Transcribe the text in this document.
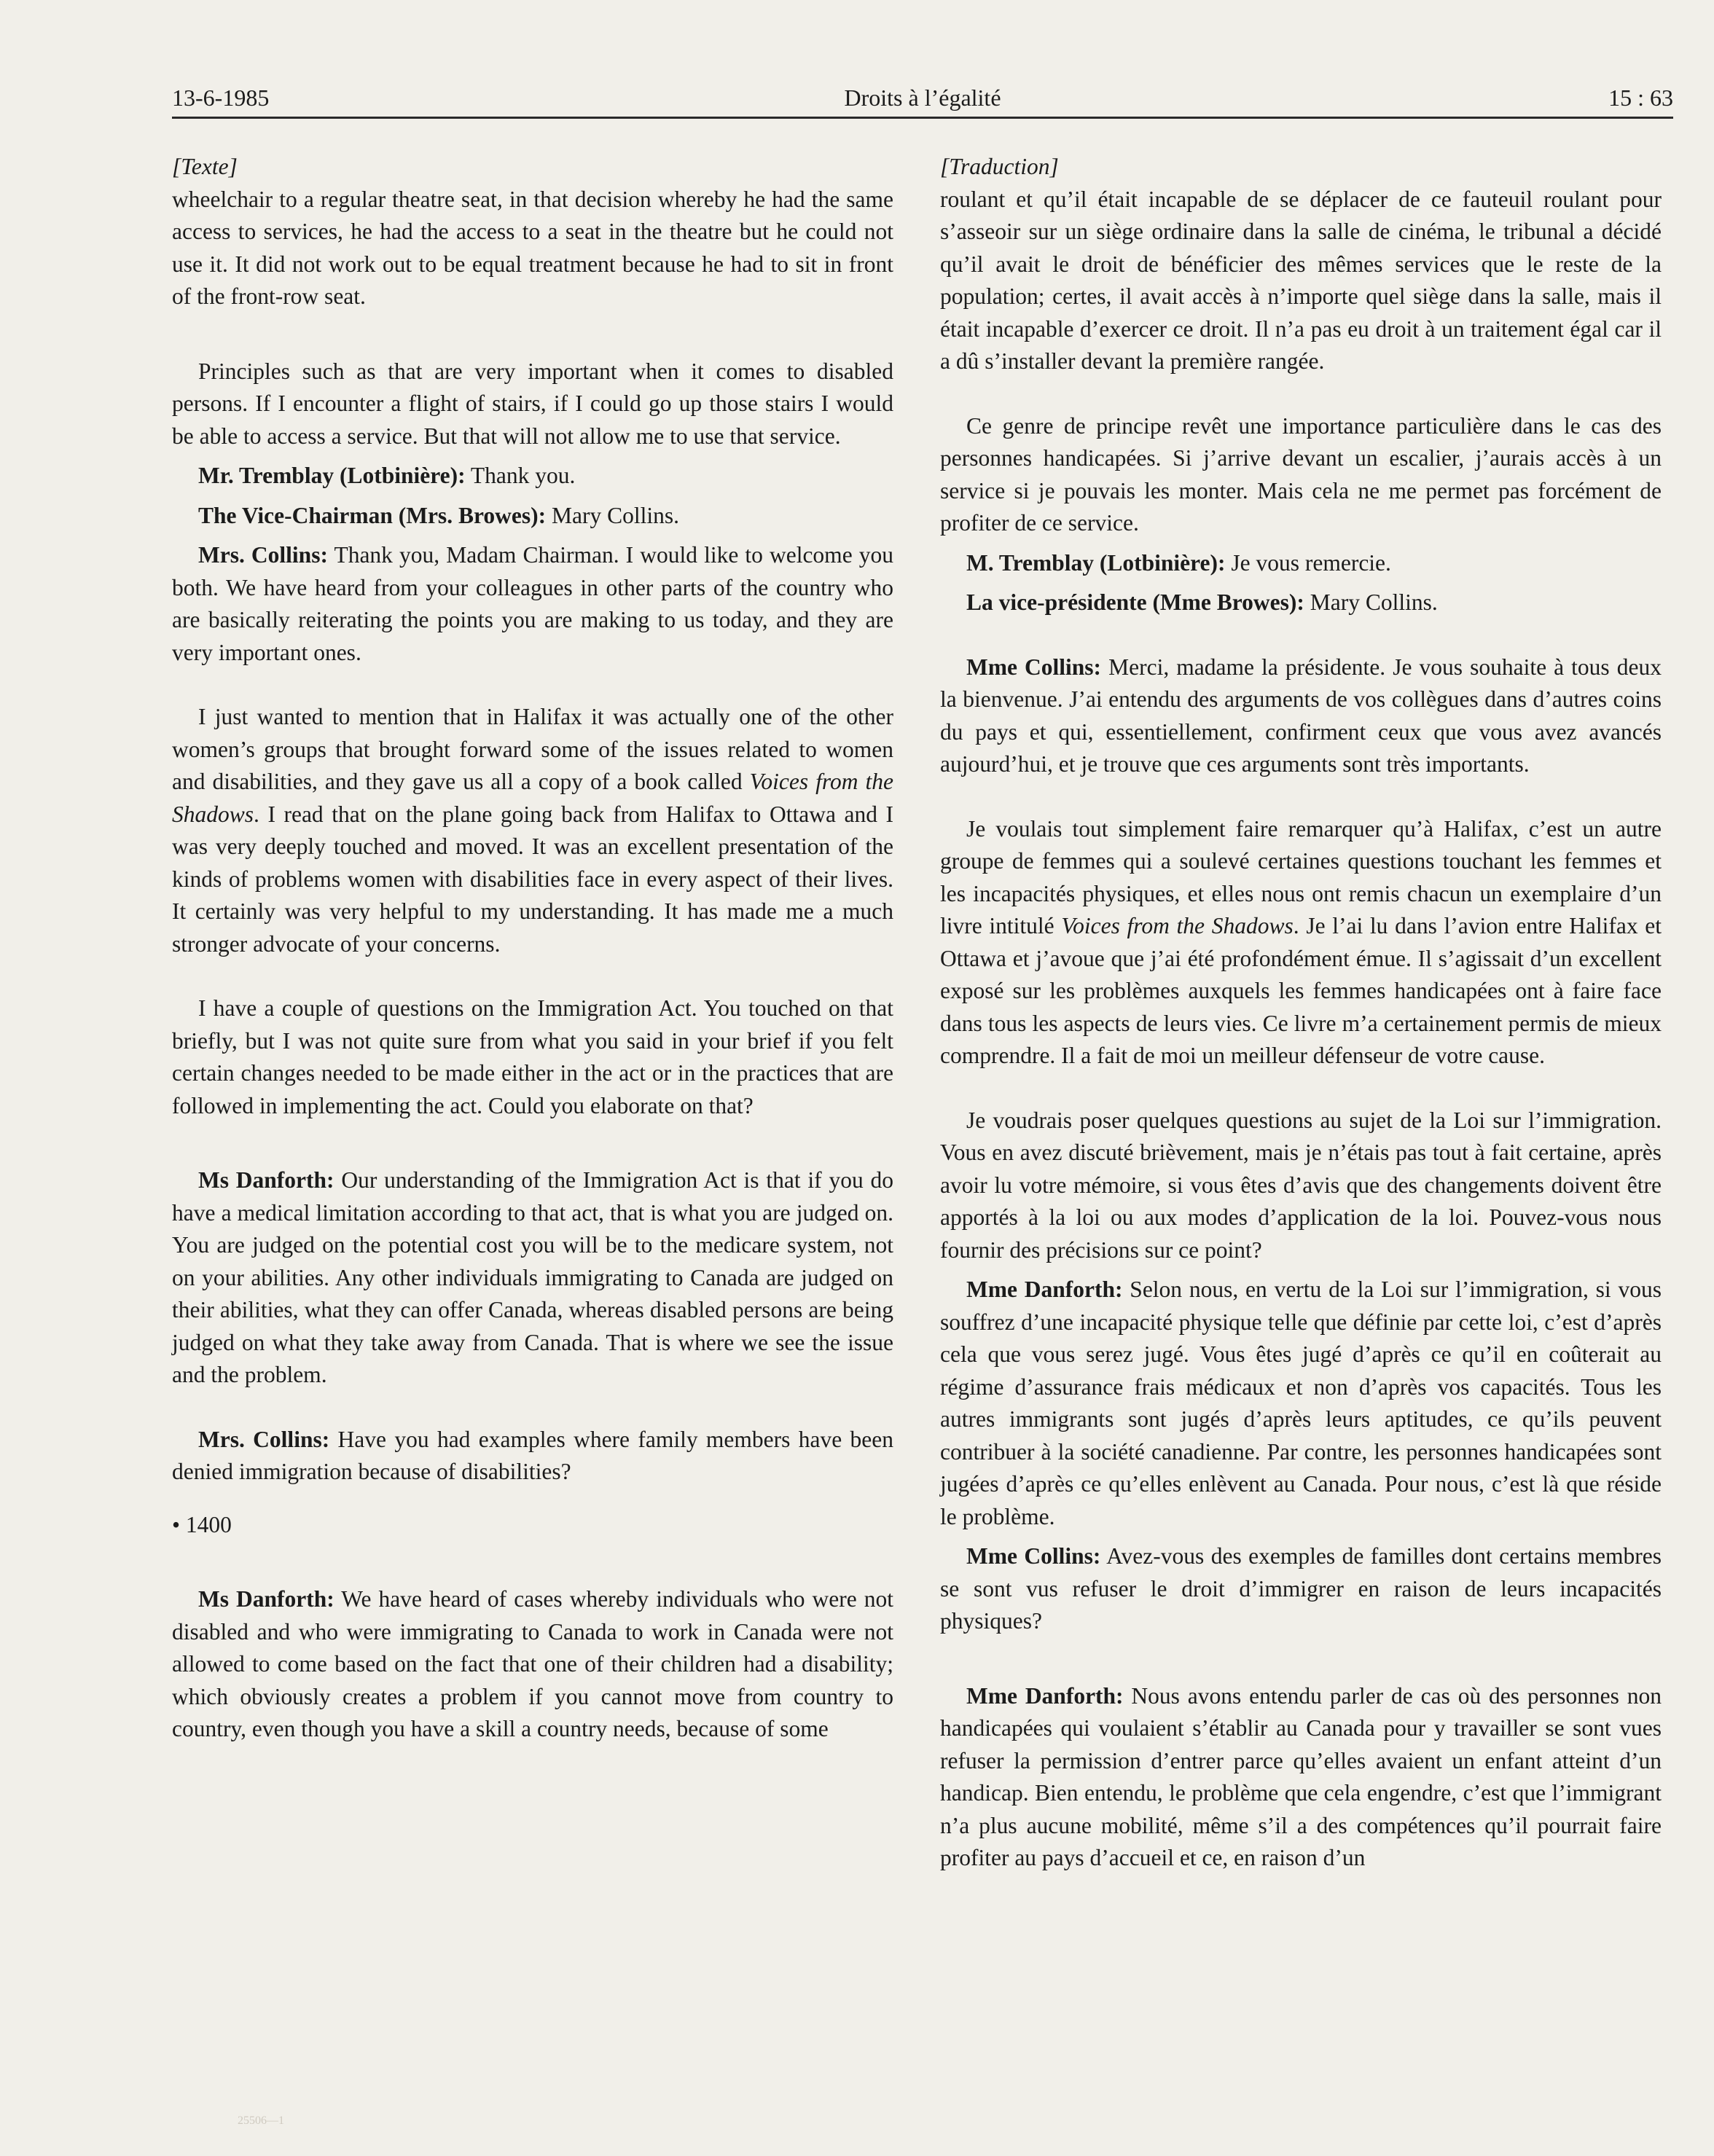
13-6-1985	Droits à l’égalité	15 : 63

[Texte]

wheelchair to a regular theatre seat, in that decision whereby he had the same access to services, he had the access to a seat in the theatre but he could not use it. It did not work out to be equal treatment because he had to sit in front of the front-row seat.

Principles such as that are very important when it comes to disabled persons. If I encounter a flight of stairs, if I could go up those stairs I would be able to access a service. But that will not allow me to use that service.

Mr. Tremblay (Lotbinière): Thank you.

The Vice-Chairman (Mrs. Browes): Mary Collins.

Mrs. Collins: Thank you, Madam Chairman. I would like to welcome you both. We have heard from your colleagues in other parts of the country who are basically reiterating the points you are making to us today, and they are very important ones.

I just wanted to mention that in Halifax it was actually one of the other women’s groups that brought forward some of the issues related to women and disabilities, and they gave us all a copy of a book called Voices from the Shadows. I read that on the plane going back from Halifax to Ottawa and I was very deeply touched and moved. It was an excellent presentation of the kinds of problems women with disabilities face in every aspect of their lives. It certainly was very helpful to my understanding. It has made me a much stronger advocate of your concerns.

I have a couple of questions on the Immigration Act. You touched on that briefly, but I was not quite sure from what you said in your brief if you felt certain changes needed to be made either in the act or in the practices that are followed in implementing the act. Could you elaborate on that?

Ms Danforth: Our understanding of the Immigration Act is that if you do have a medical limitation according to that act, that is what you are judged on. You are judged on the potential cost you will be to the medicare system, not on your abilities. Any other individuals immigrating to Canada are judged on their abilities, what they can offer Canada, whereas disabled persons are being judged on what they take away from Canada. That is where we see the issue and the problem.

Mrs. Collins: Have you had examples where family members have been denied immigration because of disabilities?

• 1400

Ms Danforth: We have heard of cases whereby individuals who were not disabled and who were immigrating to Canada to work in Canada were not allowed to come based on the fact that one of their children had a disability; which obviously creates a problem if you cannot move from country to country, even though you have a skill a country needs, because of some

[Traduction]

roulant et qu’il était incapable de se déplacer de ce fauteuil roulant pour s’asseoir sur un siège ordinaire dans la salle de cinéma, le tribunal a décidé qu’il avait le droit de bénéficier des mêmes services que le reste de la population; certes, il avait accès à n’importe quel siège dans la salle, mais il était incapable d’exercer ce droit. Il n’a pas eu droit à un traitement égal car il a dû s’installer devant la première rangée.

Ce genre de principe revêt une importance particulière dans le cas des personnes handicapées. Si j’arrive devant un escalier, j’aurais accès à un service si je pouvais les monter. Mais cela ne me permet pas forcément de profiter de ce service.

M. Tremblay (Lotbinière): Je vous remercie.

La vice-présidente (Mme Browes): Mary Collins.

Mme Collins: Merci, madame la présidente. Je vous souhaite à tous deux la bienvenue. J’ai entendu des arguments de vos collègues dans d’autres coins du pays et qui, essentiellement, confirment ceux que vous avez avancés aujourd’hui, et je trouve que ces arguments sont très importants.

Je voulais tout simplement faire remarquer qu’à Halifax, c’est un autre groupe de femmes qui a soulevé certaines questions touchant les femmes et les incapacités physiques, et elles nous ont remis chacun un exemplaire d’un livre intitulé Voices from the Shadows. Je l’ai lu dans l’avion entre Halifax et Ottawa et j’avoue que j’ai été profondément émue. Il s’agissait d’un excellent exposé sur les problèmes auxquels les femmes handicapées ont à faire face dans tous les aspects de leurs vies. Ce livre m’a certainement permis de mieux comprendre. Il a fait de moi un meilleur défenseur de votre cause.

Je voudrais poser quelques questions au sujet de la Loi sur l’immigration. Vous en avez discuté brièvement, mais je n’étais pas tout à fait certaine, après avoir lu votre mémoire, si vous êtes d’avis que des changements doivent être apportés à la loi ou aux modes d’application de la loi. Pouvez-vous nous fournir des précisions sur ce point?

Mme Danforth: Selon nous, en vertu de la Loi sur l’immigration, si vous souffrez d’une incapacité physique telle que définie par cette loi, c’est d’après cela que vous serez jugé. Vous êtes jugé d’après ce qu’il en coûterait au régime d’assurance frais médicaux et non d’après vos capacités. Tous les autres immigrants sont jugés d’après leurs aptitudes, ce qu’ils peuvent contribuer à la société canadienne. Par contre, les personnes handicapées sont jugées d’après ce qu’elles enlèvent au Canada. Pour nous, c’est là que réside le problème.

Mme Collins: Avez-vous des exemples de familles dont certains membres se sont vus refuser le droit d’immigrer en raison de leurs incapacités physiques?

Mme Danforth: Nous avons entendu parler de cas où des personnes non handicapées qui voulaient s’établir au Canada pour y travailler se sont vues refuser la permission d’entrer parce qu’elles avaient un enfant atteint d’un handicap. Bien entendu, le problème que cela engendre, c’est que l’immigrant n’a plus aucune mobilité, même s’il a des compétences qu’il pourrait faire profiter au pays d’accueil et ce, en raison d’un

25506—1
